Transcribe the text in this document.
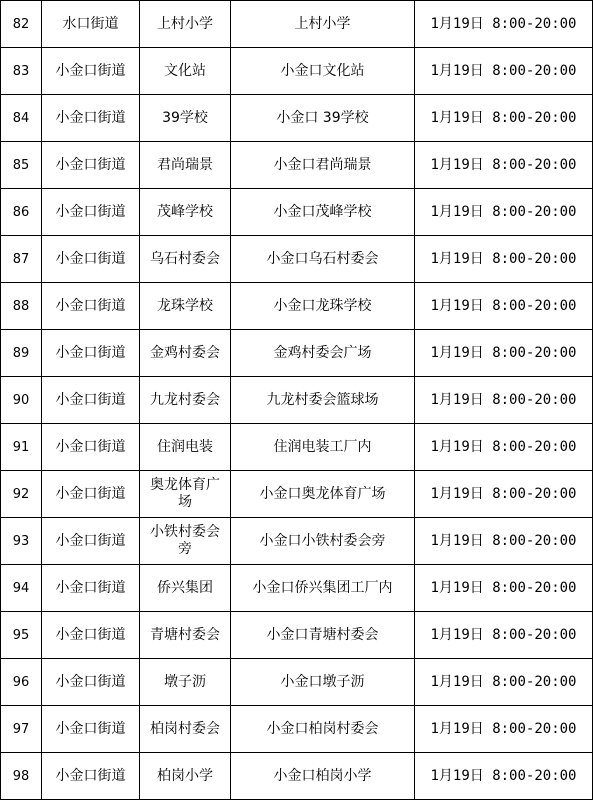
82	水口街道	上村小学	上村小学	1月19日 8:00-20:00
83	小金口街道	文化站	小金口文化站	1月19日 8:00-20:00
84	小金口街道	39学校	小金口 39学校	1月19日 8:00-20:00
85	小金口街道	君尚瑞景	小金口君尚瑞景	1月19日 8:00-20:00
86	小金口街道	茂峰学校	小金口茂峰学校	1月19日 8:00-20:00
87	小金口街道	乌石村委会	小金口乌石村委会	1月19日 8:00-20:00
88	小金口街道	龙珠学校	小金口龙珠学校	1月19日 8:00-20:00
89	小金口街道	金鸡村委会	金鸡村委会广场	1月19日 8:00-20:00
90	小金口街道	九龙村委会	九龙村委会篮球场	1月19日 8:00-20:00
91	小金口街道	住润电装	住润电装工厂内	1月19日 8:00-20:00
92	小金口街道	奥龙体育广场	小金口奥龙体育广场	1月19日 8:00-20:00
93	小金口街道	小铁村委会旁	小金口小铁村委会旁	1月19日 8:00-20:00
94	小金口街道	侨兴集团	小金口侨兴集团工厂内	1月19日 8:00-20:00
95	小金口街道	青塘村委会	小金口青塘村委会	1月19日 8:00-20:00
96	小金口街道	墩子沥	小金口墩子沥	1月19日 8:00-20:00
97	小金口街道	柏岗村委会	小金口柏岗村委会	1月19日 8:00-20:00
98	小金口街道	柏岗小学	小金口柏岗小学	1月19日 8:00-20:00
